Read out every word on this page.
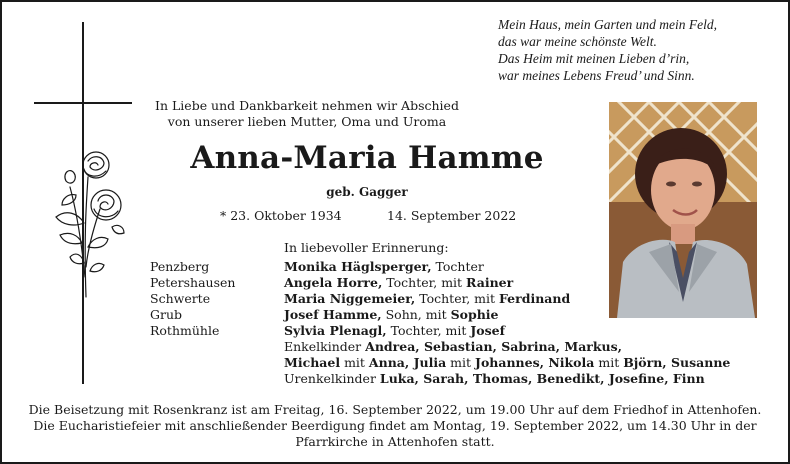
Mein Haus, mein Garten und mein Feld,
das war meine schönste Welt.
Das Heim mit meinen Lieben d’rin,
war meines Lebens Freud’ und Sinn.
In Liebe und Dankbarkeit nehmen wir Abschied
von unserer lieben Mutter, Oma und Uroma
Anna-Maria Hamme
geb. Gagger
* 23. Oktober 1934	14. September 2022
In liebevoller Erinnerung:
Penzberg	Monika Häglsperger, Tochter
Petershausen	Angela Horre, Tochter, mit Rainer
Schwerte	Maria Niggemeier, Tochter, mit Ferdinand
Grub	Josef Hamme, Sohn, mit Sophie
Rothmühle	Sylvia Plenagl, Tochter, mit Josef
Enkelkinder Andrea, Sebastian, Sabrina, Markus,
Michael mit Anna, Julia mit Johannes, Nikola mit Björn, Susanne
Urenkelkinder Luka, Sarah, Thomas, Benedikt, Josefine, Finn
Die Beisetzung mit Rosenkranz ist am Freitag, 16. September 2022, um 19.00 Uhr auf dem Friedhof in Attenhofen.
Die Eucharistiefeier mit anschließender Beerdigung findet am Montag, 19. September 2022, um 14.30 Uhr in der
Pfarrkirche in Attenhofen statt.
